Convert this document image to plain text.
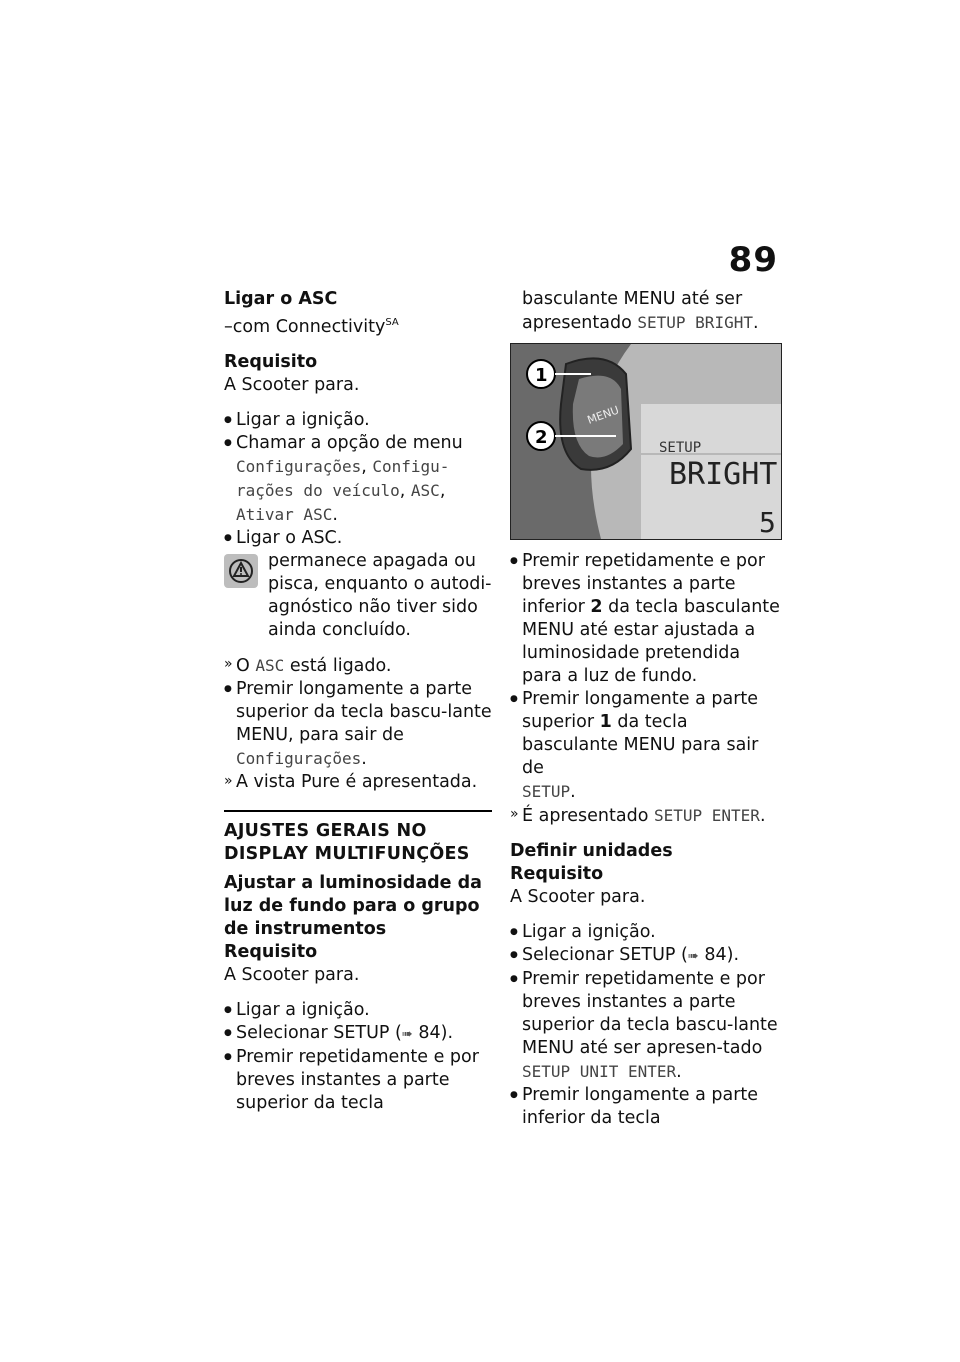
89
Ligar o ASC
–com Connectivity$^{SA}$
Requisito
A Scooter para.
● Ligar a ignição.
● Chamar a opção de menu
Configurações, Configu-
rações do veículo, ASC,
Ativar ASC.
● Ligar o ASC.
permanece apagada ou pisca, enquanto o autodi-agnóstico não tiver sido ainda concluído.
» O ASC está ligado.
● Premir longamente a parte superior da tecla bascu-lante MENU, para sair de
Configurações.
» A vista Pure é apresentada.
AJUSTES GERAIS NO DISPLAY MULTIFUNÇÕES
Ajustar a luminosidade da luz de fundo para o grupo de instrumentos
Requisito
A Scooter para.
● Ligar a ignição.
● Selecionar SETUP (➠ 84).
● Premir repetidamente e por breves instantes a parte superior da tecla
basculante MENU até ser apresentado SETUP BRIGHT.
MENU
SETUP
BRIGHT
5
1
2
● Premir repetidamente e por breves instantes a parte inferior 2 da tecla basculante MENU até estar ajustada a luminosidade pretendida para a luz de fundo.
● Premir longamente a parte superior 1 da tecla basculante MENU para sair de
SETUP.
» É apresentado SETUP ENTER.
Definir unidades
Requisito
A Scooter para.
● Ligar a ignição.
● Selecionar SETUP (➠ 84).
● Premir repetidamente e por breves instantes a parte superior da tecla bascu-lante MENU até ser apresen-tado SETUP UNIT ENTER.
● Premir longamente a parte inferior da tecla
